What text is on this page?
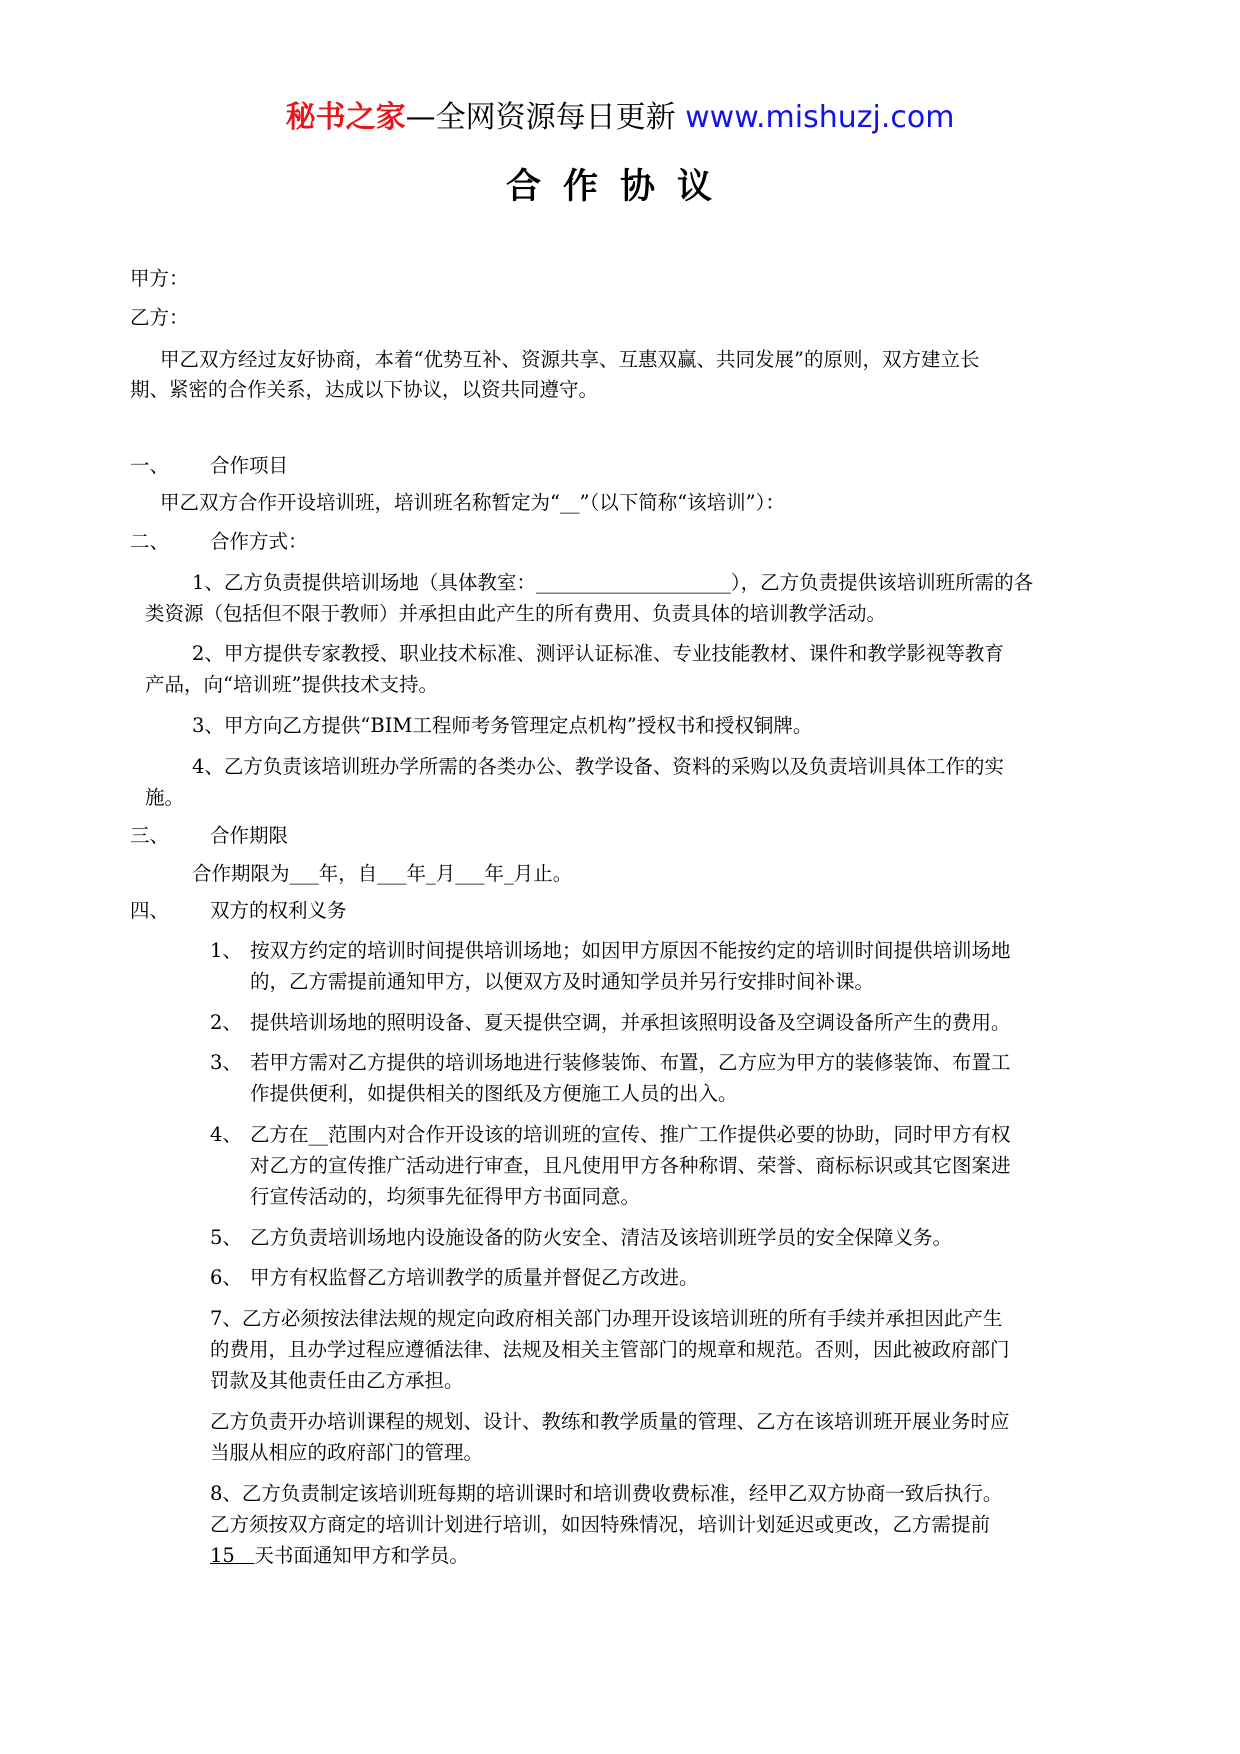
秘书之家—全网资源每日更新 www.mishuzj.com
合作协议
甲方：
乙方：
甲乙双方经过友好协商，本着“优势互补、资源共享、互惠双赢、共同发展”的原则，双方建立长
期、紧密的合作关系，达成以下协议，以资共同遵守。
一、 合作项目
甲乙双方合作开设培训班，培训班名称暂定为“__”（以下简称“该培训”）：
二、 合作方式：
1、乙方负责提供培训场地（具体教室：____________________），乙方负责提供该培训班所需的各
类资源（包括但不限于教师）并承担由此产生的所有费用、负责具体的培训教学活动。
2、甲方提供专家教授、职业技术标准、测评认证标准、专业技能教材、课件和教学影视等教育
产品，向“培训班”提供技术支持。
3、甲方向乙方提供“BIM工程师考务管理定点机构”授权书和授权铜牌。
4、乙方负责该培训班办学所需的各类办公、教学设备、资料的采购以及负责培训具体工作的实
施。
三、 合作期限
合作期限为___年，自___年_月___年_月止。
四、 双方的权利义务
1、 按双方约定的培训时间提供培训场地；如因甲方原因不能按约定的培训时间提供培训场地
的，乙方需提前通知甲方，以便双方及时通知学员并另行安排时间补课。
2、 提供培训场地的照明设备、夏天提供空调，并承担该照明设备及空调设备所产生的费用。
3、 若甲方需对乙方提供的培训场地进行装修装饰、布置，乙方应为甲方的装修装饰、布置工
作提供便利，如提供相关的图纸及方便施工人员的出入。
4、 乙方在__范围内对合作开设该的培训班的宣传、推广工作提供必要的协助，同时甲方有权
对乙方的宣传推广活动进行审查，且凡使用甲方各种称谓、荣誉、商标标识或其它图案进
行宣传活动的，均须事先征得甲方书面同意。
5、 乙方负责培训场地内设施设备的防火安全、清洁及该培训班学员的安全保障义务。
6、 甲方有权监督乙方培训教学的质量并督促乙方改进。
7、乙方必须按法律法规的规定向政府相关部门办理开设该培训班的所有手续并承担因此产生
的费用，且办学过程应遵循法律、法规及相关主管部门的规章和规范。否则，因此被政府部门
罚款及其他责任由乙方承担。
乙方负责开办培训课程的规划、设计、教练和教学质量的管理、乙方在该培训班开展业务时应
当服从相应的政府部门的管理。
8、乙方负责制定该培训班每期的培训课时和培训费收费标准，经甲乙双方协商一致后执行。
乙方须按双方商定的培训计划进行培训，如因特殊情况，培训计划延迟或更改，乙方需提前
15  天书面通知甲方和学员。
